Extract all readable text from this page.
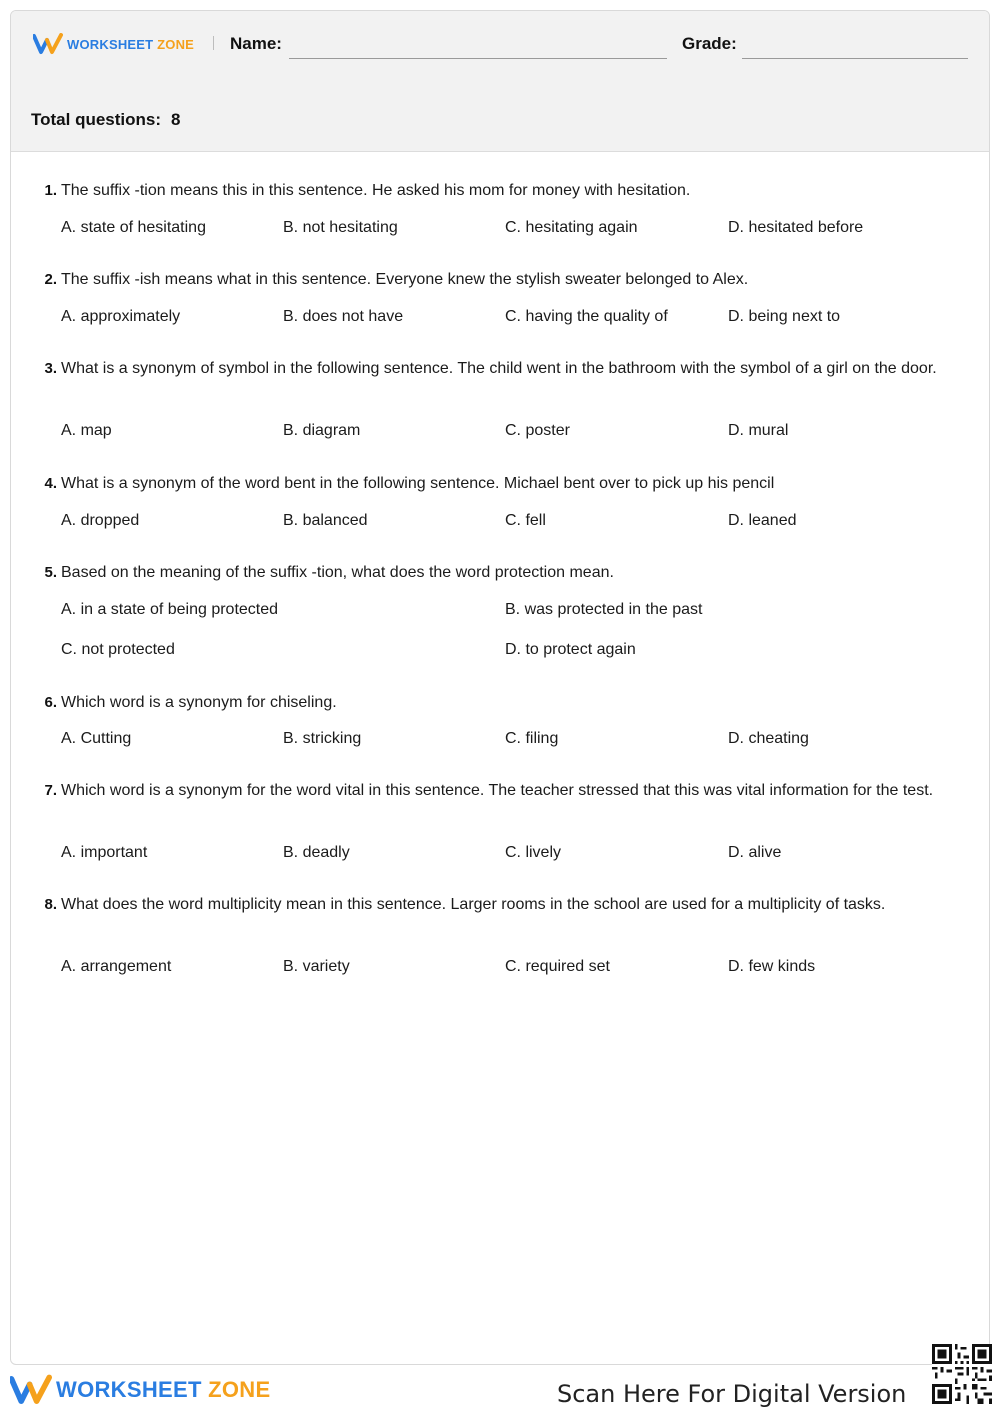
WORKSHEET ZONE Name:	Grade:
Total questions: 8
1. The suffix -tion means this in this sentence. He asked his mom for money with hesitation.
A. state of hesitating	B. not hesitating	C. hesitating again	D. hesitated before
2. The suffix -ish means what in this sentence. Everyone knew the stylish sweater belonged to Alex.
A. approximately	B. does not have	C. having the quality of	D. being next to
3. What is a synonym of symbol in the following sentence. The child went in the bathroom with the symbol of a girl on the door.
A. map	B. diagram	C. poster	D. mural
4. What is a synonym of the word bent in the following sentence. Michael bent over to pick up his pencil
A. dropped	B. balanced	C. fell	D. leaned
5. Based on the meaning of the suffix -tion, what does the word protection mean.
A. in a state of being protected	B. was protected in the past
C. not protected	D. to protect again
6. Which word is a synonym for chiseling.
A. Cutting	B. stricking	C. filing	D. cheating
7. Which word is a synonym for the word vital in this sentence. The teacher stressed that this was vital information for the test.
A. important	B. deadly	C. lively	D. alive
8. What does the word multiplicity mean in this sentence. Larger rooms in the school are used for a multiplicity of tasks.
A. arrangement	B. variety	C. required set	D. few kinds
WORKSHEET ZONE	Scan Here For Digital Version
